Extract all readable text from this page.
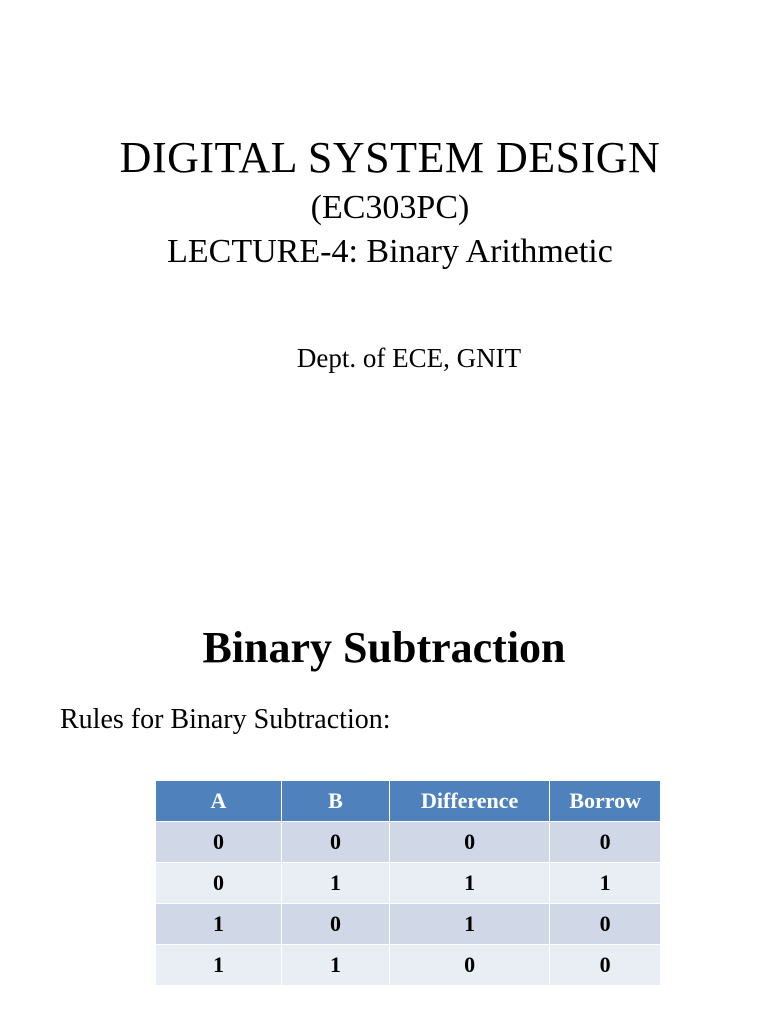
DIGITAL SYSTEM DESIGN

(EC303PC)

LECTURE-4: Binary Arithmetic

Dept. of ECE, GNIT
Binary Subtraction
Rules for Binary Subtraction:
A	B	Difference	Borrow
0	0	0	0
0	1	1	1
1	0	1	0
1	1	0	0
